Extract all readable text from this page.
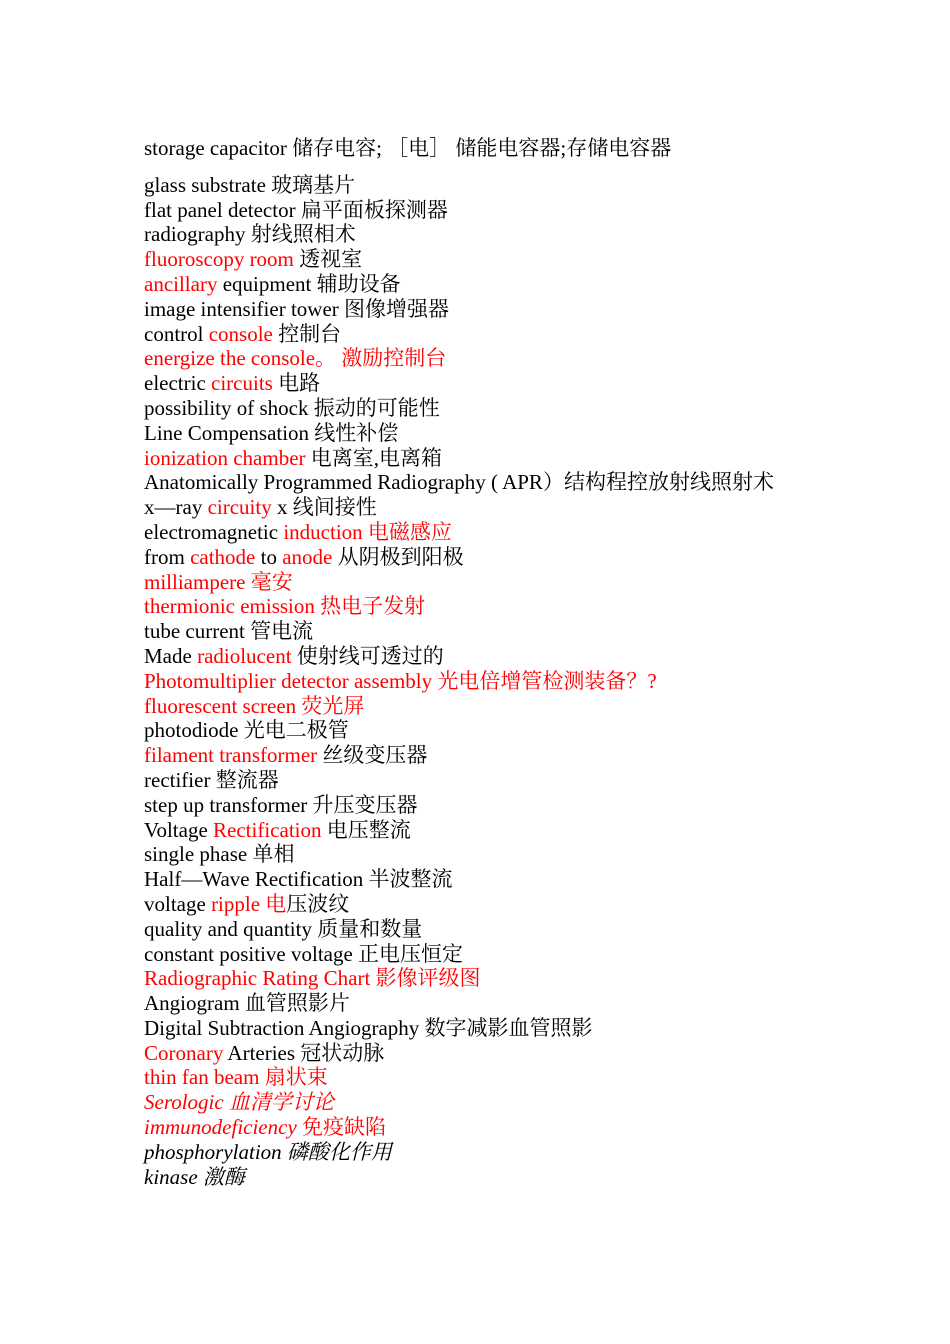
storage capacitor 储存电容; ［电］ 储能电容器;存储电容器
glass substrate 玻璃基片
flat panel detector 扁平面板探测器
radiography 射线照相术
fluoroscopy room 透视室
ancillary equipment 辅助设备
image intensifier tower 图像增强器
control console 控制台
energize the console。 激励控制台
electric circuits 电路
possibility of shock 振动的可能性
Line Compensation 线性补偿
ionization chamber 电离室,电离箱
Anatomically Programmed Radiography ( APR）结构程控放射线照射术
x—ray circuity x 线间接性
electromagnetic induction 电磁感应
from cathode to anode 从阴极到阳极
milliampere 毫安
thermionic emission 热电子发射
tube current 管电流
Made radiolucent 使射线可透过的
Photomultiplier detector assembly 光电倍增管检测装备？?
fluorescent screen 荧光屏
photodiode 光电二极管
filament transformer 丝级变压器
rectifier 整流器
step up transformer 升压变压器
Voltage Rectification 电压整流
single phase 单相
Half—Wave Rectification 半波整流
voltage ripple 电压波纹
quality and quantity 质量和数量
constant positive voltage 正电压恒定
Radiographic Rating Chart 影像评级图
Angiogram 血管照影片
Digital Subtraction Angiography 数字减影血管照影
Coronary Arteries 冠状动脉
thin fan beam 扇状束
Serologic 血清学讨论
immunodeficiency 免疫缺陷
phosphorylation 磷酸化作用
kinase 激酶
